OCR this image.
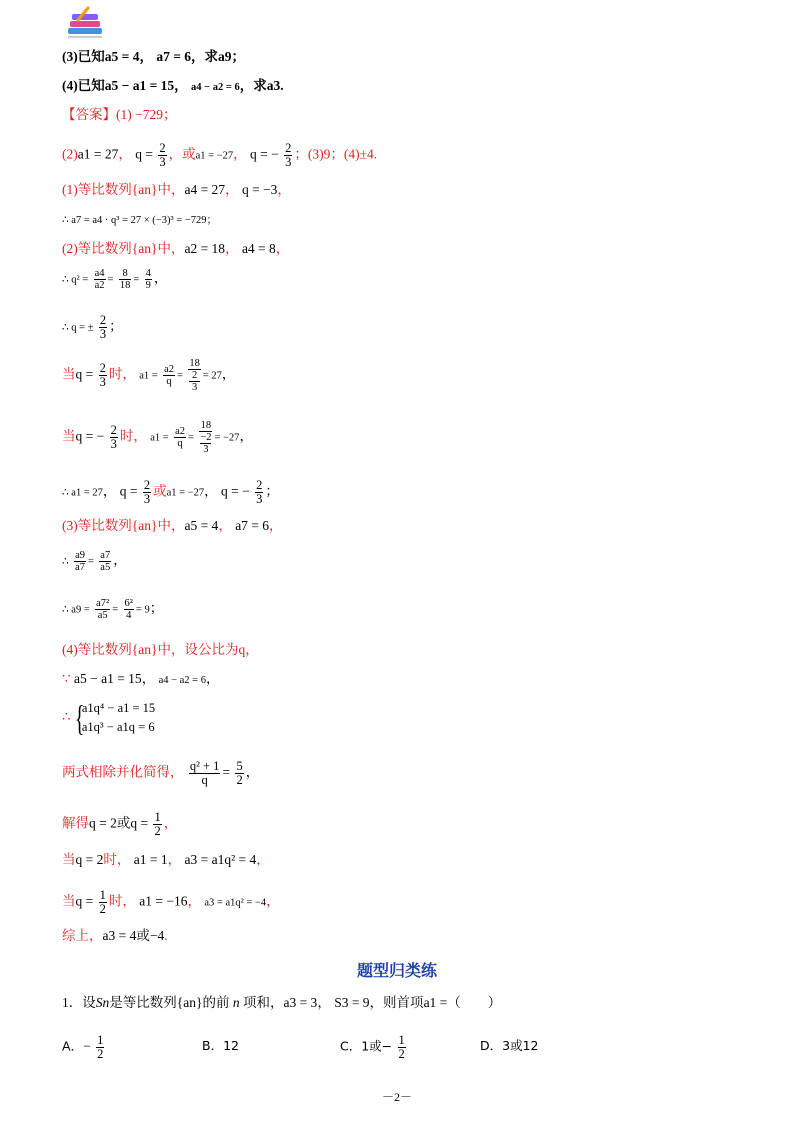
(3)已知a5 = 4， a7 = 6，求a9；
(4)已知a5 − a1 = 15， a4 − a2 = 6，求a3.
【答案】(1) −729；
(2)a1 = 27， $q = \frac{2}{3}$ ，或a1 = −27， q = − $\frac{2}{3}$ ；(3)9；(4)±4.
(1)等比数列{an}中，a4 = 27， q = −3，
∴ a7 = a4 · q³ = 27 × (−3)³ = −729；
(2)等比数列{an}中，a2 = 18， a4 = 8，
∴ $q^2 = \frac{a4}{a2} = \frac{8}{18} = \frac{4}{9}$ ，
∴ q = ± $\frac{2}{3}$ ；
当$q = \frac{2}{3}$ 时， $a1 = \frac{a2}{q} = 18$
2
3 = 27，
当q = − $\frac{2}{3}$ 时， $a1 = \frac{a2}{q} = 18$
−2
3 = −27，
∴ a1 = 27， $q = \frac{2}{3}$ 或a1 = −27， q = − $\frac{2}{3}$ ；
(3)等比数列{an}中，a5 = 4， a7 = 6，
∴ $\frac{a9}{a7} = \frac{a7}{a5}$ ，
∴ $a9 = \frac{\text{a7²}}{a5} = \frac{\text{6²}}{4} = 9$；
(4)等比数列{an}中，设公比为q，
∵ a5 − a1 = 15， a4 − a2 = 6，
∴ {
a1q⁴ − a1 = 15
a1q³ − a1q = 6
两式相除并化简得， $\frac{\text{q² + 1}}{q} = \frac{5}{2}$ ，
解得q = 2或$q = \frac{1}{2}$ ，
当q = 2时， a1 = 1， a3 = a1q² = 4，
当$q = \frac{1}{2}$ 时， a1 = −16， a3 = a1q² = −4，
综上，a3 = 4或−4.
题型归类练
1．设Sn是等比数列{an}的前 n 项和，a3 = 3， S3 = 9，则首项a1 =（　　）
A．− $\frac{1}{2}$	B．12	C．1或− $\frac{1}{2}$	D．3或12
－2－
